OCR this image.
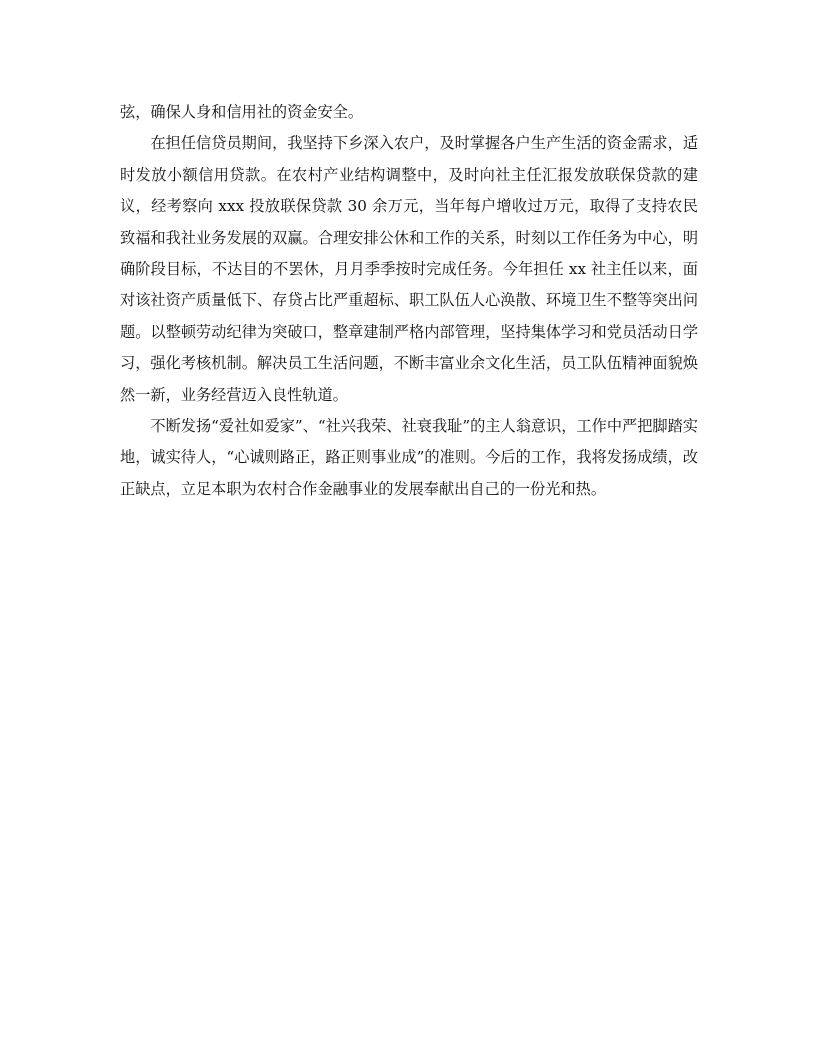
弦，确保人身和信用社的资金安全。

在担任信贷员期间，我坚持下乡深入农户，及时掌握各户生产生活的资金需求，适时发放小额信用贷款。在农村产业结构调整中，及时向社主任汇报发放联保贷款的建议，经考察向 xxx 投放联保贷款 30 余万元，当年每户增收过万元，取得了支持农民致福和我社业务发展的双赢。合理安排公休和工作的关系，时刻以工作任务为中心，明确阶段目标，不达目的不罢休，月月季季按时完成任务。今年担任 xx 社主任以来，面对该社资产质量低下、存贷占比严重超标、职工队伍人心涣散、环境卫生不整等突出问题。以整顿劳动纪律为突破口，整章建制严格内部管理，坚持集体学习和党员活动日学习，强化考核机制。解决员工生活问题，不断丰富业余文化生活，员工队伍精神面貌焕然一新，业务经营迈入良性轨道。

不断发扬“爱社如爱家”、“社兴我荣、社衰我耻”的主人翁意识，工作中严把脚踏实地，诚实待人，“心诚则路正，路正则事业成”的准则。今后的工作，我将发扬成绩，改正缺点，立足本职为农村合作金融事业的发展奉献出自己的一份光和热。
